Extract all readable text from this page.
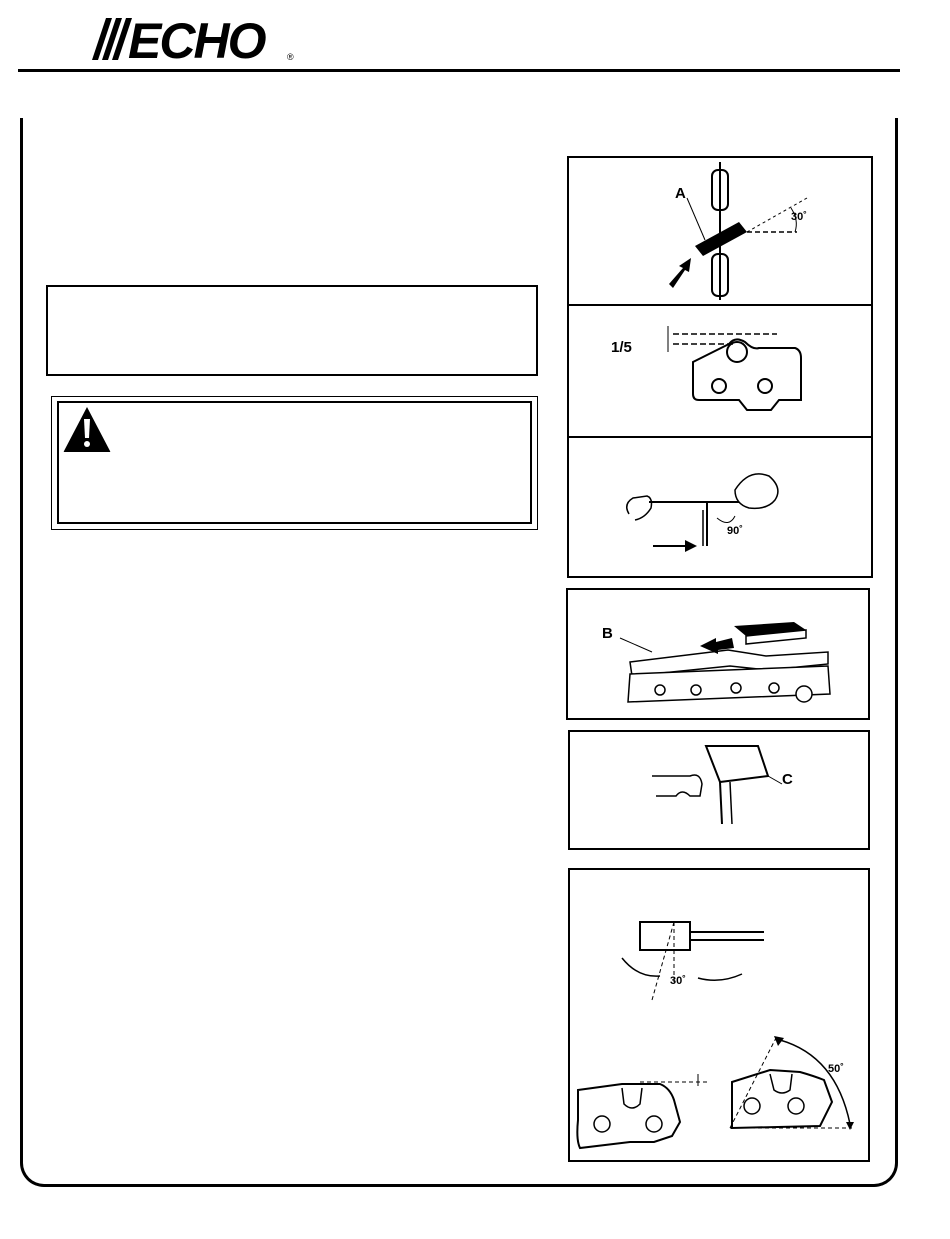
ECHO	®
A
30˚
1/5
90˚
B
C
30˚
50˚
